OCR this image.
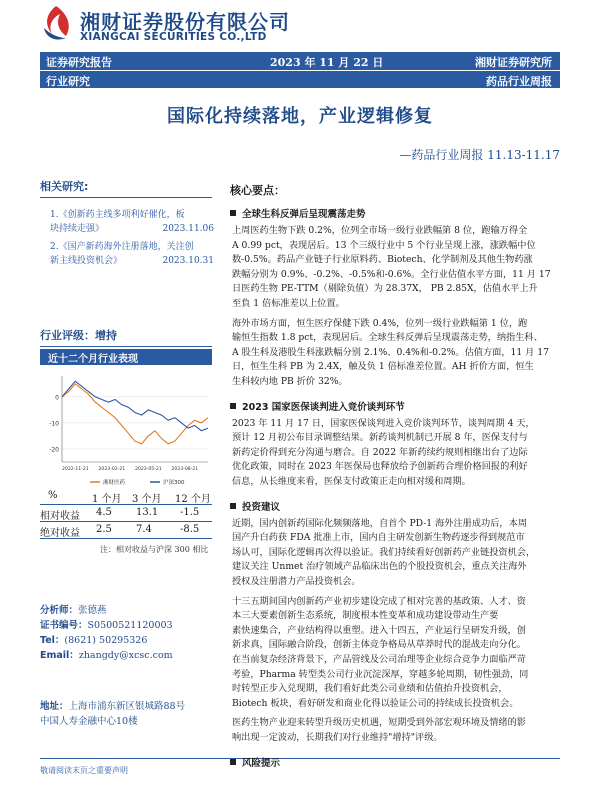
湘财证券股份有限公司
XIANGCAI SECURITIES CO.,LTD
证券研究报告	2023 年 11 月 22 日	湘财证券研究所
行业研究	药品行业周报
国际化持续落地，产业逻辑修复
—药品行业周报 11.13-11.17
相关研究:
1.《创新药主线多项利好催化，板
块持续走强》	2023.11.06
2.《国产新药海外注册落地，关注创
新主线投资机会》	2023.10.31
行业评级：增持
近十二个月行业表现
0
-10
-20
2022-11-21 2023-02-21 2023-05-21 2023-08-21
湘财医药	沪深300
%	1 个月 3 个月 12 个月
相对收益 4.5 13.1 -1.5
绝对收益 2.5 7.4	-8.5
注：相对收益与沪深 300 相比
分析师：张德燕
证书编号：S0500521120003
Tel：(8621) 50295326
Email：zhangdy@xcsc.com
地址：上海市浦东新区银城路88号
中国人寿金融中心10楼
敬请阅读末页之重要声明
核心要点：
全球生科反弹后呈现震荡走势
上周医药生物下跌 0.2%，位列全市场一级行业跌幅第 8 位，跑输万得全
A 0.99 pct，表现居后。13 个三级行业中 5 个行业呈现上涨，涨跌幅中位
数-0.5%。药品产业链子行业原料药、Biotech、化学制剂及其他生物药涨
跌幅分别为 0.9%、-0.2%、-0.5%和-0.6%。全行业估值水平方面，11 月 17
日医药生物 PE-TTM（剔除负值）为 28.37X， PB 2.85X，估值水平上升
至負 1 倍标准差以上位置。
海外市场方面，恒生医疗保健下跌 0.4%，位列一级行业跌幅第 1 位，跑
输恒生指数 1.8 pct，表现居后。全球生科反弹后呈现震荡走势，纳指生科、
A 股生科及港股生科涨跌幅分别 2.1%、0.4%和-0.2%。估值方面，11 月 17
日，恒生生科 PB 为 2.4X，触及负 1 倍标准差位置。AH 折价方面，恒生
生科较内地 PB 折价 32%。
2023 国家医保谈判进入竞价谈判环节
2023 年 11 月 17 日，国家医保谈判进入竞价谈判环节，谈判周期 4 天，
预计 12 月初公布目录调整结果。新药谈判机制已开展 8 年，医保支付与
新药定价得到充分沟通与磨合。自 2022 年新药续约规则相继出台了边际
优化政策，同时在 2023 年医保局也释放给予创新药合理价格回报的利好
信息，从长维度来看，医保支付政策正走向相对缓和周期。
投资建议
近期，国内创新药国际化频频落地，自首个 PD-1 海外注册成功后，本周
国产升白药获 FDA 批准上市，国内自主研发创新生物药逐步得到规范市
场认可，国际化逻辑再次得以验证。我们持续看好创新药产业链投资机会，
建议关注 Unmet 治疗领域产品临床出色的个股投资机会，重点关注海外
授权及注册潜力产品投资机会。
十三五期间国内创新药产业初步建设完成了相对完善的基政策、人才、资
本三大要素创新生态系统，制度根本性变革和成功建设带动生产要
素快速集合，产业结构得以重塑。进入十四五，产业运行呈研发升级，创
新求真，国际融合阶段，创新主体竞争格局从草莽时代的混战走向分化。
在当前复杂经济背景下，产品管线及公司治理等企业综合竞争力面临严苛
考验，Pharma 转型类公司行业沉淀深厚，穿越多轮周期，韧性强劲，同
时转型正步入兑现期，我们看好此类公司业绩和估值抬升投资机会，
Biotech 板块，看好研发和商业化得以验证公司的持续成长投资机会。
医药生物产业迎来转型升级历史机遇，短期受到外部宏观环境及情绪的影
响出现一定波动，长期我们对行业维持"增持"评级。
风险提示
